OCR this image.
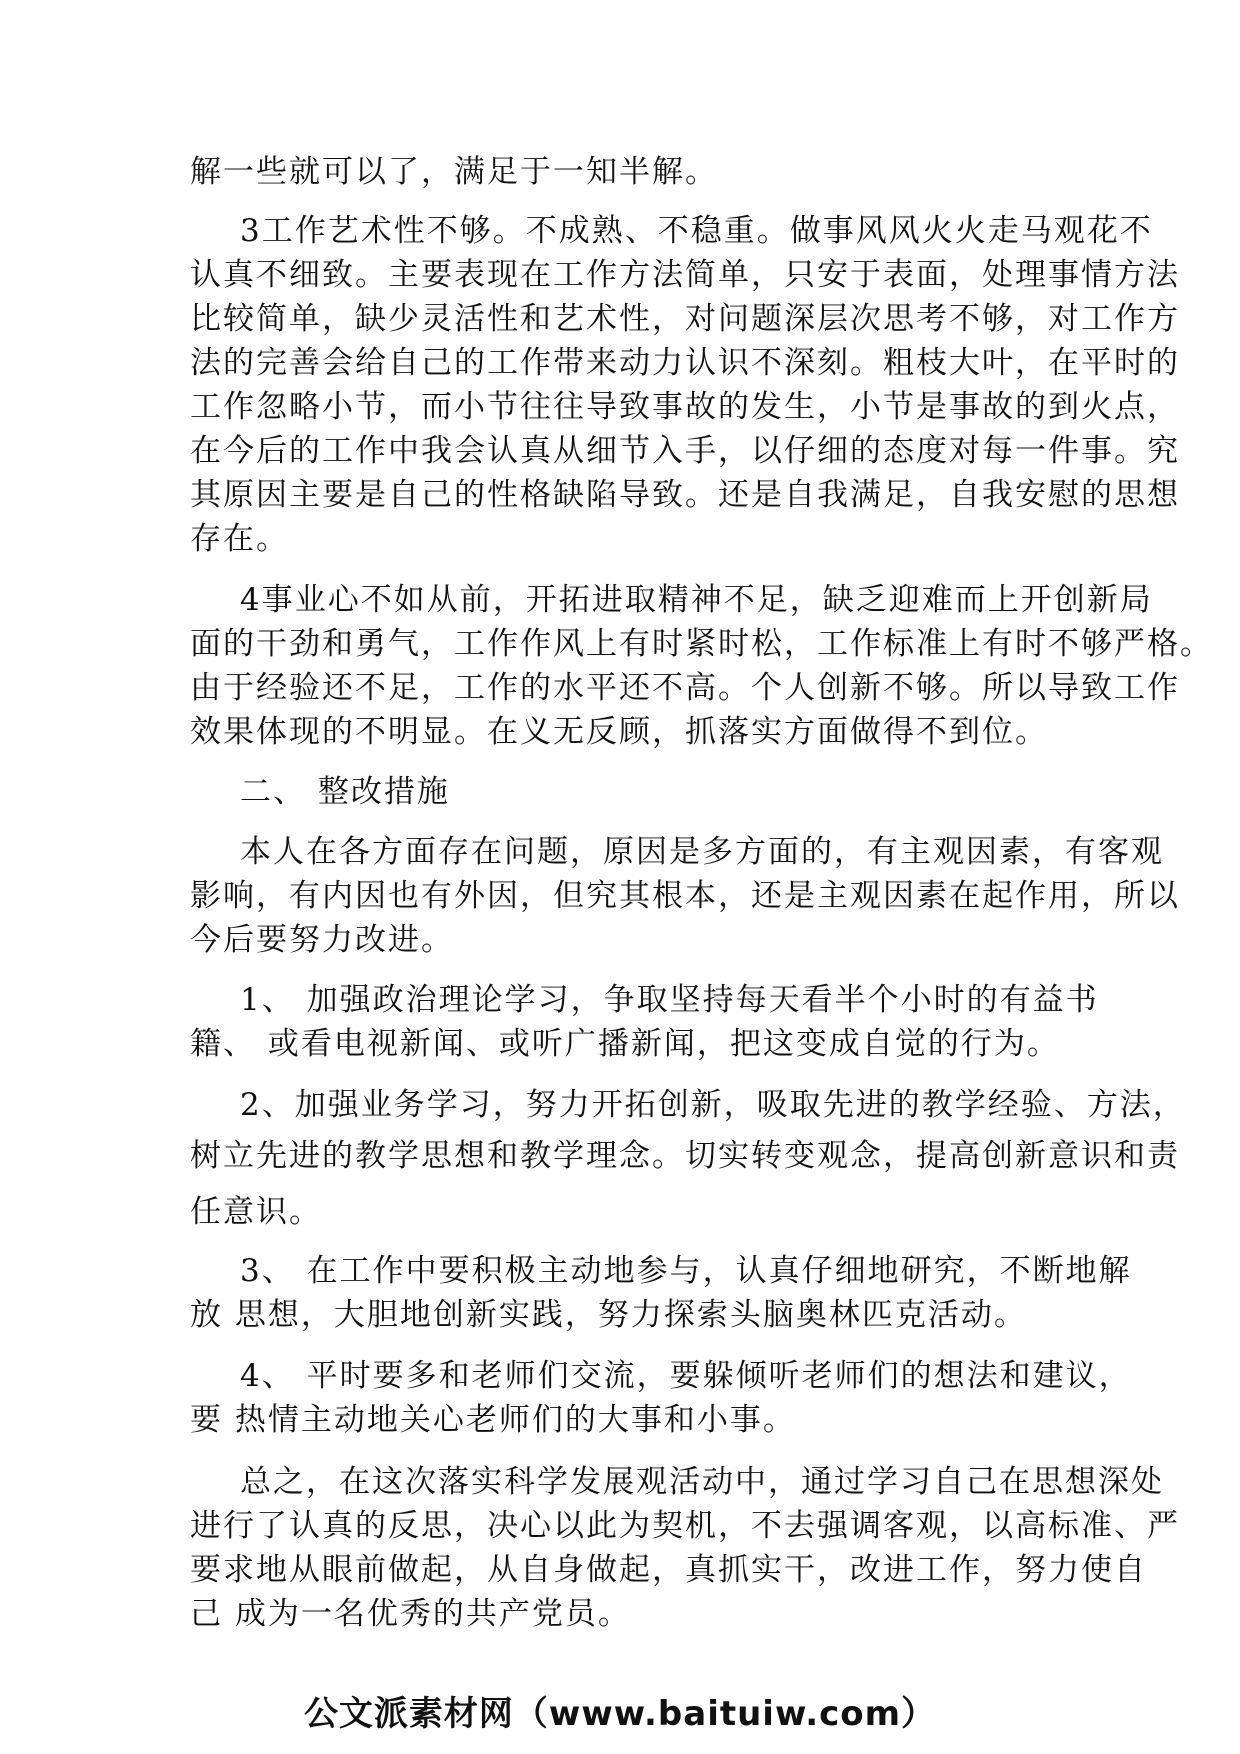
解一些就可以了，满足于一知半解。
3工作艺术性不够。不成熟、不稳重。做事风风火火走马观花不
认真不细致。主要表现在工作方法简单，只安于表面，处理事情方法
比较简单，缺少灵活性和艺术性，对问题深层次思考不够，对工作方
法的完善会给自己的工作带来动力认识不深刻。粗枝大叶，在平时的
工作忽略小节，而小节往往导致事故的发生，小节是事故的到火点，
在今后的工作中我会认真从细节入手，以仔细的态度对每一件事。究
其原因主要是自己的性格缺陷导致。还是自我满足，自我安慰的思想
存在。
4事业心不如从前，开拓进取精神不足，缺乏迎难而上开创新局
面的干劲和勇气，工作作风上有时紧时松，工作标准上有时不够严格。
由于经验还不足，工作的水平还不高。个人创新不够。所以导致工作
效果体现的不明显。在义无反顾，抓落实方面做得不到位。
二、 整改措施
本人在各方面存在问题，原因是多方面的，有主观因素，有客观
影响，有内因也有外因，但究其根本，还是主观因素在起作用，所以
今后要努力改进。
1、 加强政治理论学习，争取坚持每天看半个小时的有益书
籍、 或看电视新闻、或听广播新闻，把这变成自觉的行为。
2、加强业务学习，努力开拓创新，吸取先进的教学经验、方法，
树立先进的教学思想和教学理念。切实转变观念，提高创新意识和责
任意识。
3、 在工作中要积极主动地参与，认真仔细地研究，不断地解
放 思想，大胆地创新实践，努力探索头脑奥林匹克活动。
4、 平时要多和老师们交流，要躲倾听老师们的想法和建议，
要 热情主动地关心老师们的大事和小事。
总之，在这次落实科学发展观活动中，通过学习自己在思想深处
进行了认真的反思，决心以此为契机，不去强调客观，以高标准、严
要求地从眼前做起，从自身做起，真抓实干，改进工作，努力使自
己 成为一名优秀的共产党员。
公文派素材网（www.baituiw.com）
